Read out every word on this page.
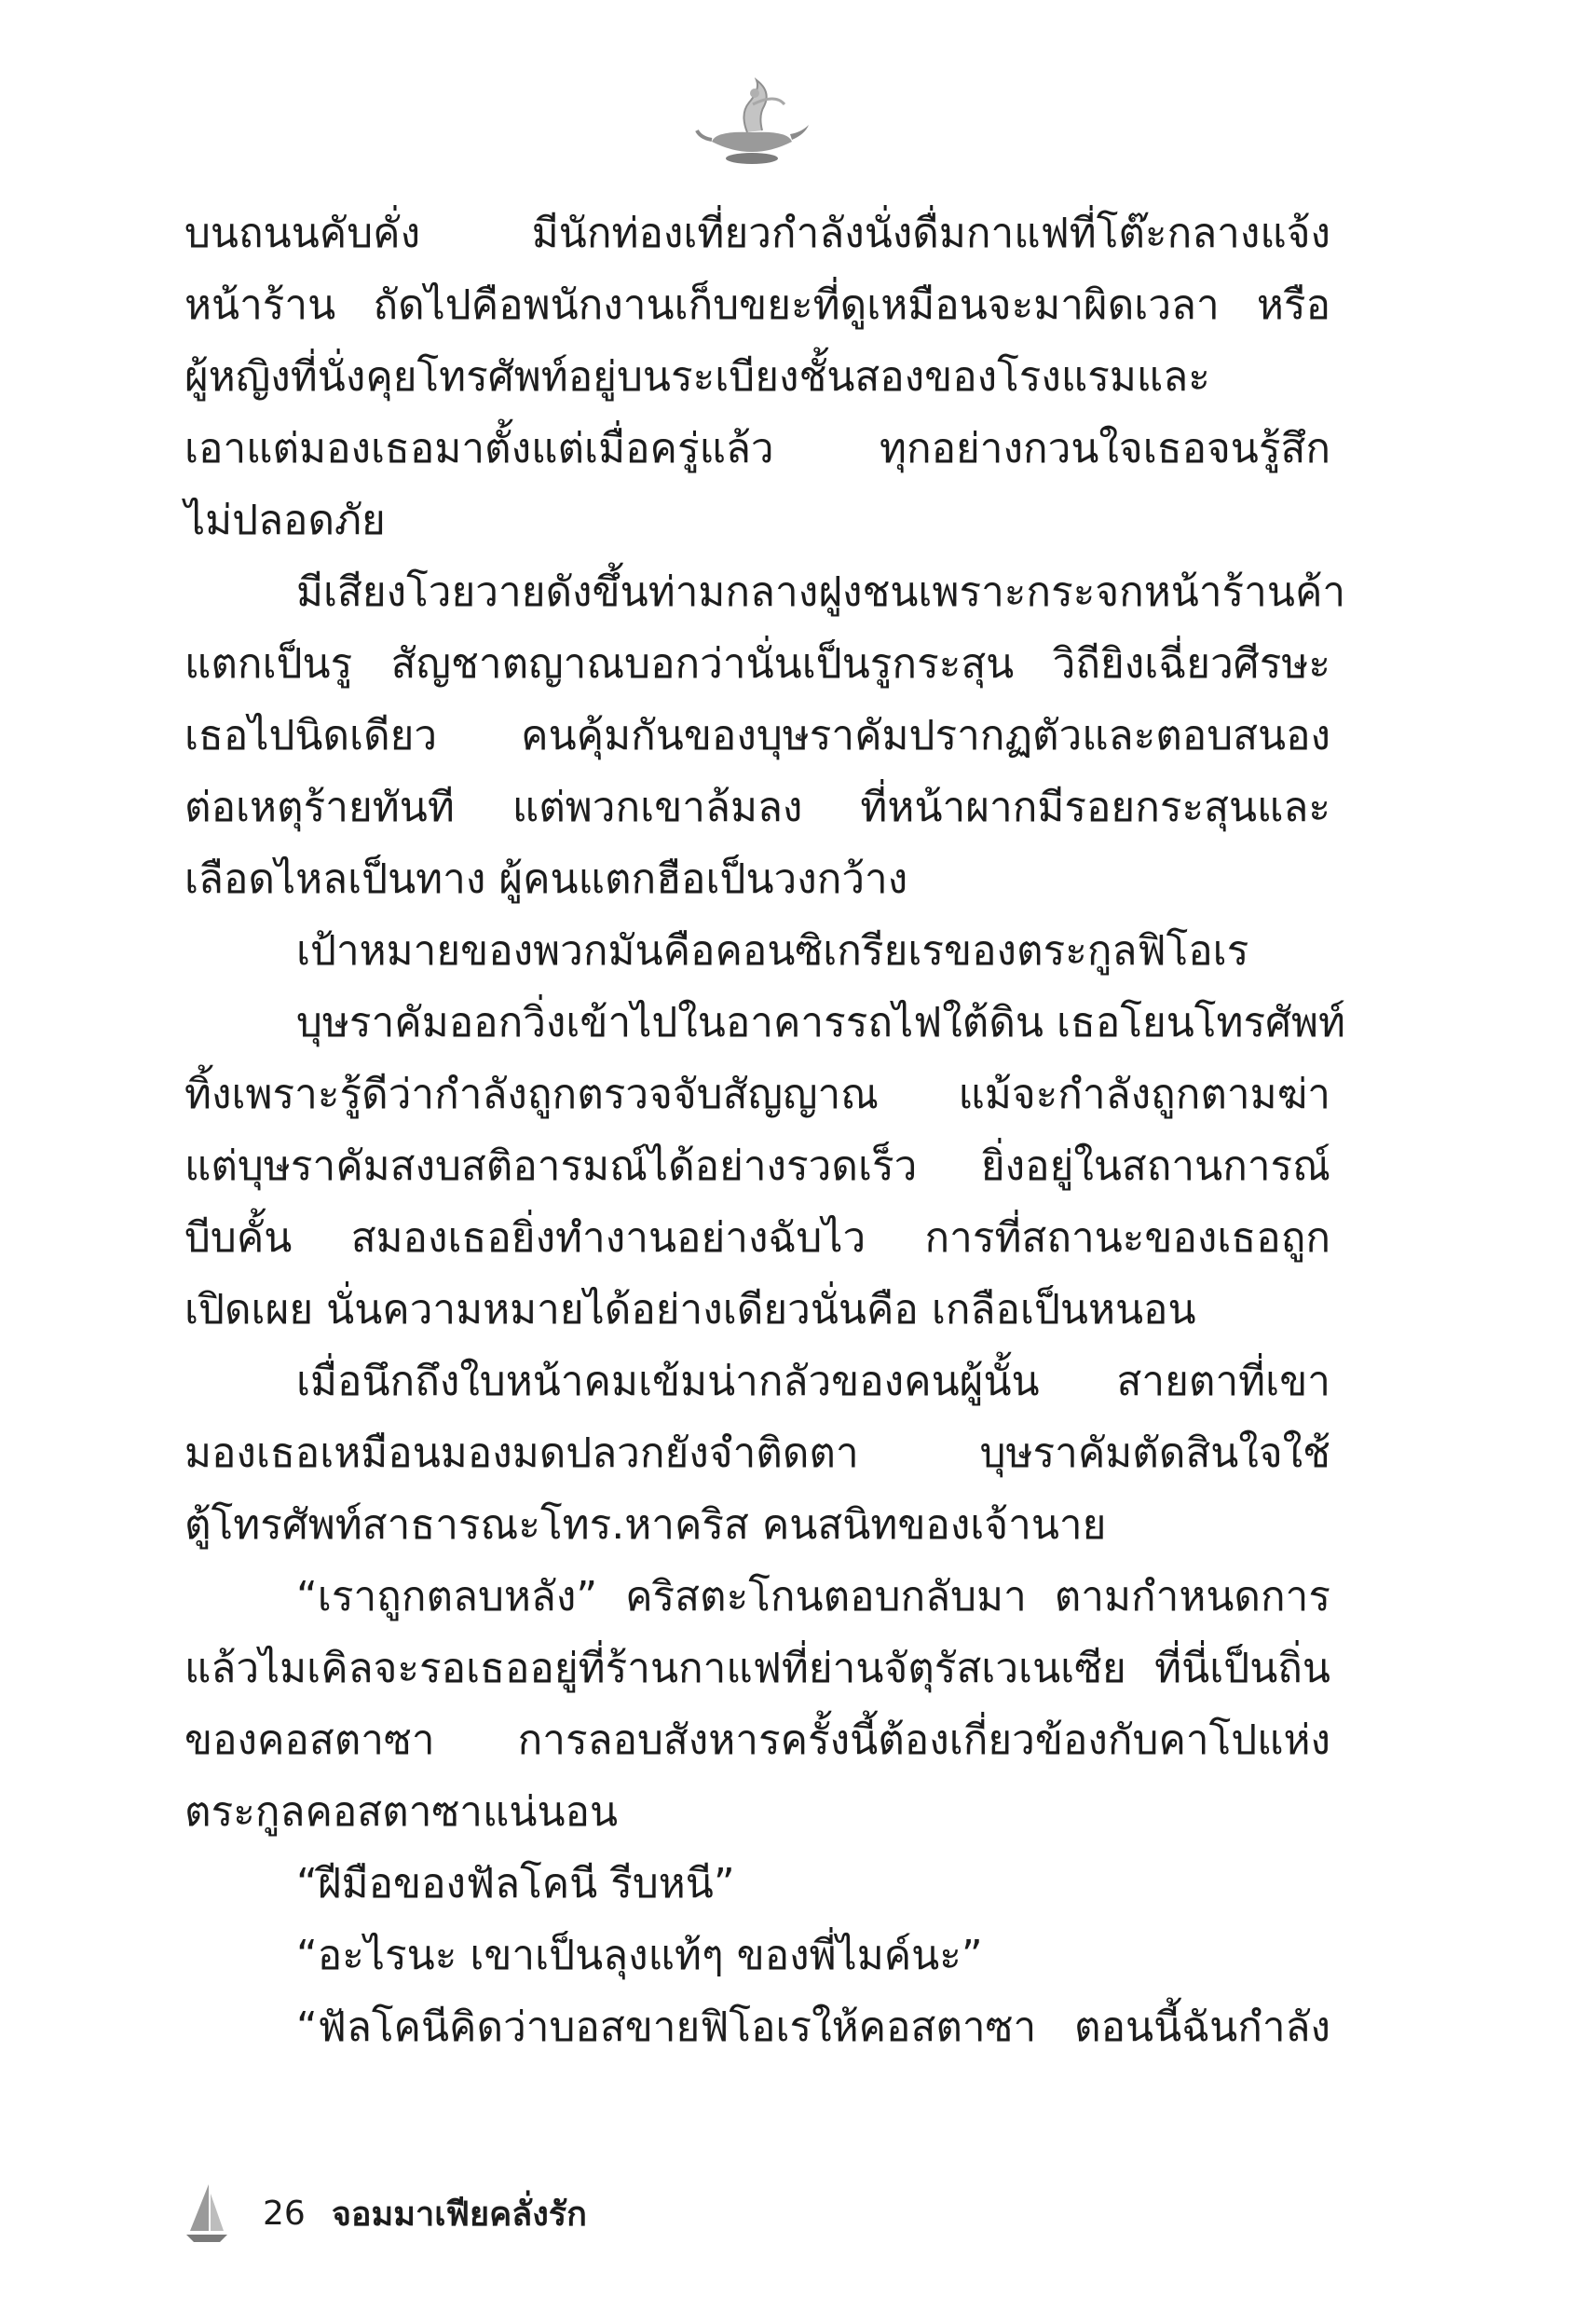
บนถนนคับคั่ง มีนักท่องเที่ยวกำลังนั่งดื่มกาแฟที่โต๊ะกลางแจ้ง
หน้าร้าน ถัดไปคือพนักงานเก็บขยะที่ดูเหมือนจะมาผิดเวลา หรือ
ผู้หญิงที่นั่งคุยโทรศัพท์อยู่บนระเบียงชั้นสองของโรงแรมและ
เอาแต่มองเธอมาตั้งแต่เมื่อครู่แล้ว ทุกอย่างกวนใจเธอจนรู้สึก
ไม่ปลอดภัย
มีเสียงโวยวายดังขึ้นท่ามกลางฝูงชนเพราะกระจกหน้าร้านค้า
แตกเป็นรู สัญชาตญาณบอกว่านั่นเป็นรูกระสุน วิถียิงเฉี่ยวศีรษะ
เธอไปนิดเดียว คนคุ้มกันของบุษราคัมปรากฏตัวและตอบสนอง
ต่อเหตุร้ายทันที แต่พวกเขาล้มลง ที่หน้าผากมีรอยกระสุนและ
เลือดไหลเป็นทาง ผู้คนแตกฮือเป็นวงกว้าง
เป้าหมายของพวกมันคือคอนซิเกรียเรของตระกูลฟิโอเร
บุษราคัมออกวิ่งเข้าไปในอาคารรถไฟใต้ดิน เธอโยนโทรศัพท์
ทิ้งเพราะรู้ดีว่ากำลังถูกตรวจจับสัญญาณ แม้จะกำลังถูกตามฆ่า
แต่บุษราคัมสงบสติอารมณ์ได้อย่างรวดเร็ว ยิ่งอยู่ในสถานการณ์
บีบคั้น สมองเธอยิ่งทำงานอย่างฉับไว การที่สถานะของเธอถูก
เปิดเผย นั่นความหมายได้อย่างเดียวนั่นคือ เกลือเป็นหนอน
เมื่อนึกถึงใบหน้าคมเข้มน่ากลัวของคนผู้นั้น สายตาที่เขา
มองเธอเหมือนมองมดปลวกยังจำติดตา บุษราคัมตัดสินใจใช้
ตู้โทรศัพท์สาธารณะโทร.หาคริส คนสนิทของเจ้านาย
“เราถูกตลบหลัง” คริสตะโกนตอบกลับมา ตามกำหนดการ
แล้วไมเคิลจะรอเธออยู่ที่ร้านกาแฟที่ย่านจัตุรัสเวเนเซีย ที่นี่เป็นถิ่น
ของคอสตาซา การลอบสังหารครั้งนี้ต้องเกี่ยวข้องกับคาโปแห่ง
ตระกูลคอสตาซาแน่นอน
“ฝีมือของฟัลโคนี รีบหนี”
“อะไรนะ เขาเป็นลุงแท้ๆ ของพี่ไมค์นะ”
“ฟัลโคนีคิดว่าบอสขายฟิโอเรให้คอสตาซา ตอนนี้ฉันกำลัง
26 จอมมาเฟียคลั่งรัก
